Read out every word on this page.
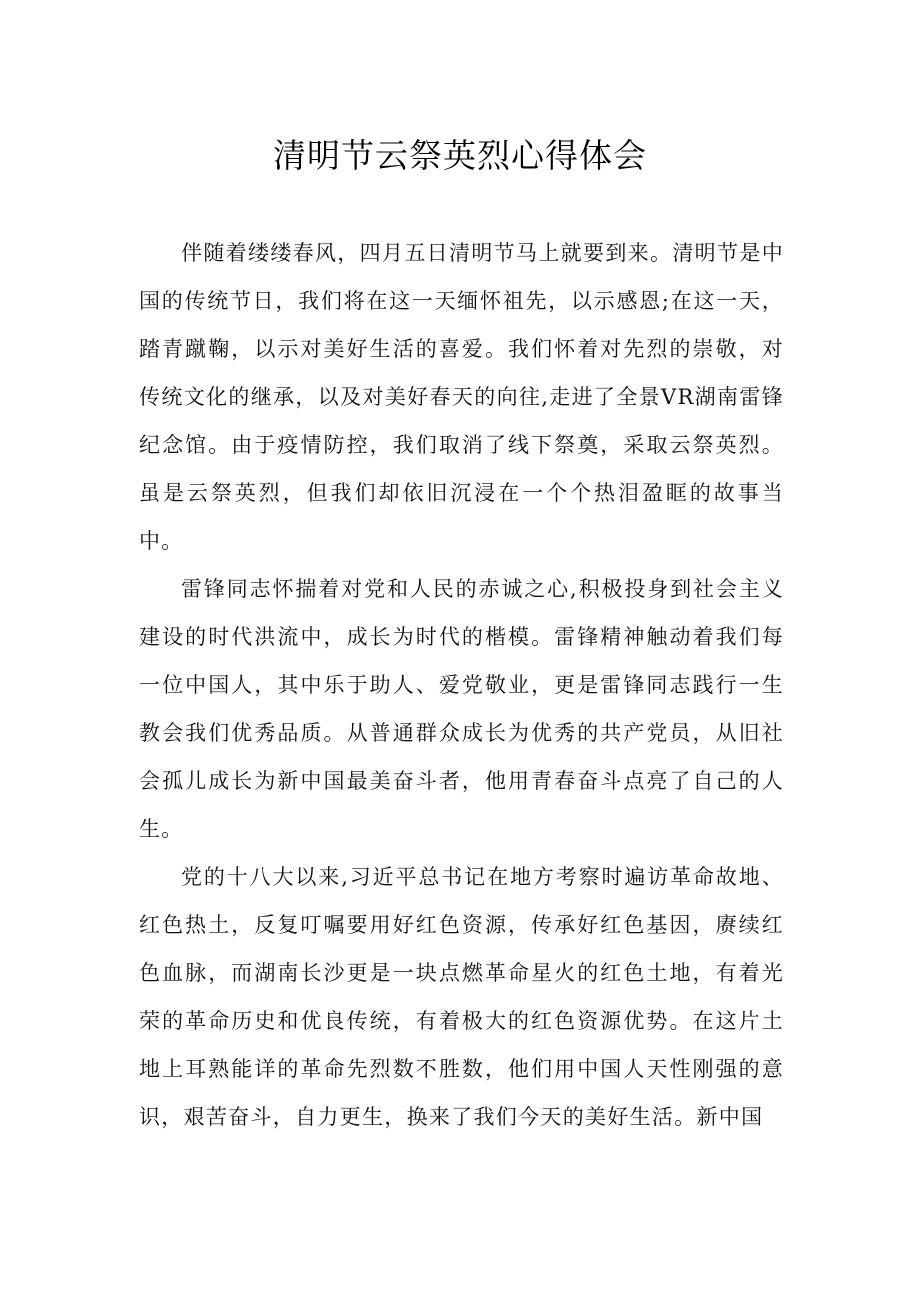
清明节云祭英烈心得体会

伴随着缕缕春风，四月五日清明节马上就要到来。清明节是中国的传统节日，我们将在这一天缅怀祖先，以示感恩;在这一天，踏青蹴鞠，以示对美好生活的喜爱。我们怀着对先烈的崇敬，对传统文化的继承，以及对美好春天的向往,走进了全景VR湖南雷锋纪念馆。由于疫情防控，我们取消了线下祭奠，采取云祭英烈。虽是云祭英烈，但我们却依旧沉浸在一个个热泪盈眶的故事当中。

雷锋同志怀揣着对党和人民的赤诚之心,积极投身到社会主义建设的时代洪流中，成长为时代的楷模。雷锋精神触动着我们每一位中国人，其中乐于助人、爱党敬业，更是雷锋同志践行一生教会我们优秀品质。从普通群众成长为优秀的共产党员，从旧社会孤儿成长为新中国最美奋斗者，他用青春奋斗点亮了自己的人生。

党的十八大以来,习近平总书记在地方考察时遍访革命故地、红色热土，反复叮嘱要用好红色资源，传承好红色基因，赓续红色血脉，而湖南长沙更是一块点燃革命星火的红色土地，有着光荣的革命历史和优良传统，有着极大的红色资源优势。在这片土地上耳熟能详的革命先烈数不胜数，他们用中国人天性刚强的意识，艰苦奋斗，自力更生，换来了我们今天的美好生活。新中国
